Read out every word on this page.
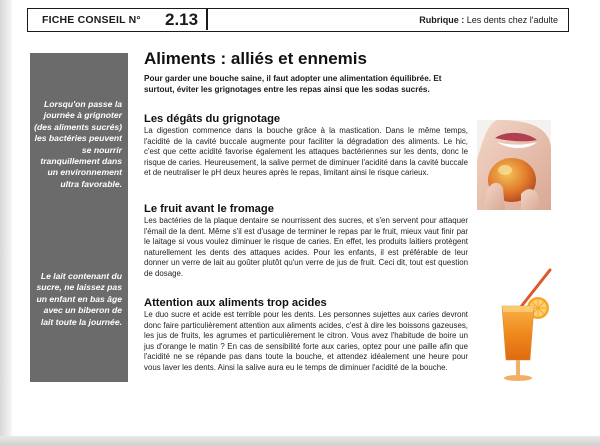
FICHE CONSEIL N° 2.13	Rubrique : Les dents chez l'adulte
Lorsqu'on passe la journée à grignoter (des aliments sucrés) les bactéries peuvent se nourrir tranquillement dans un environnement ultra favorable.
Le lait contenant du sucre, ne laissez pas un enfant en bas âge avec un biberon de lait toute la journée.
Aliments : alliés et ennemis
Pour garder une bouche saine, il faut adopter une alimentation équilibrée. Et surtout, éviter les grignotages entre les repas ainsi que les sodas sucrés.
Les dégâts du grignotage
La digestion commence dans la bouche grâce à la mastication. Dans le même temps, l'acidité de la cavité buccale augmente pour faciliter la dégradation des aliments. Le hic, c'est que cette acidité favorise également les attaques bactériennes sur les dents, donc le risque de caries. Heureusement, la salive permet de diminuer l'acidité dans la cavité buccale et de neutraliser le pH deux heures après le repas, limitant ainsi le risque carieux.
Le fruit avant le fromage
Les bactéries de la plaque dentaire se nourrissent des sucres, et s'en servent pour attaquer l'émail de la dent. Même s'il est d'usage de terminer le repas par le fruit, mieux vaut finir par le laitage si vous voulez diminuer le risque de caries. En effet, les produits laitiers protègent naturellement les dents des attaques acides. Pour les enfants, il est préférable de leur donner un verre de lait au goûter plutôt qu'un verre de jus de fruit. Ceci dit, tout est question de dosage.
Attention aux aliments trop acides
Le duo sucre et acide est terrible pour les dents. Les personnes sujettes aux caries devront donc faire particulièrement attention aux aliments acides, c'est à dire les boissons gazeuses, les jus de fruits, les agrumes et particulièrement le citron. Vous avez l'habitude de boire un jus d'orange le matin ? En cas de sensibilité forte aux caries, optez pour une paille afin que l'acidité ne se répande pas dans toute la bouche, et attendez idéalement une heure pour vous laver les dents. Ainsi la salive aura eu le temps de diminuer l'acidité de la bouche.
